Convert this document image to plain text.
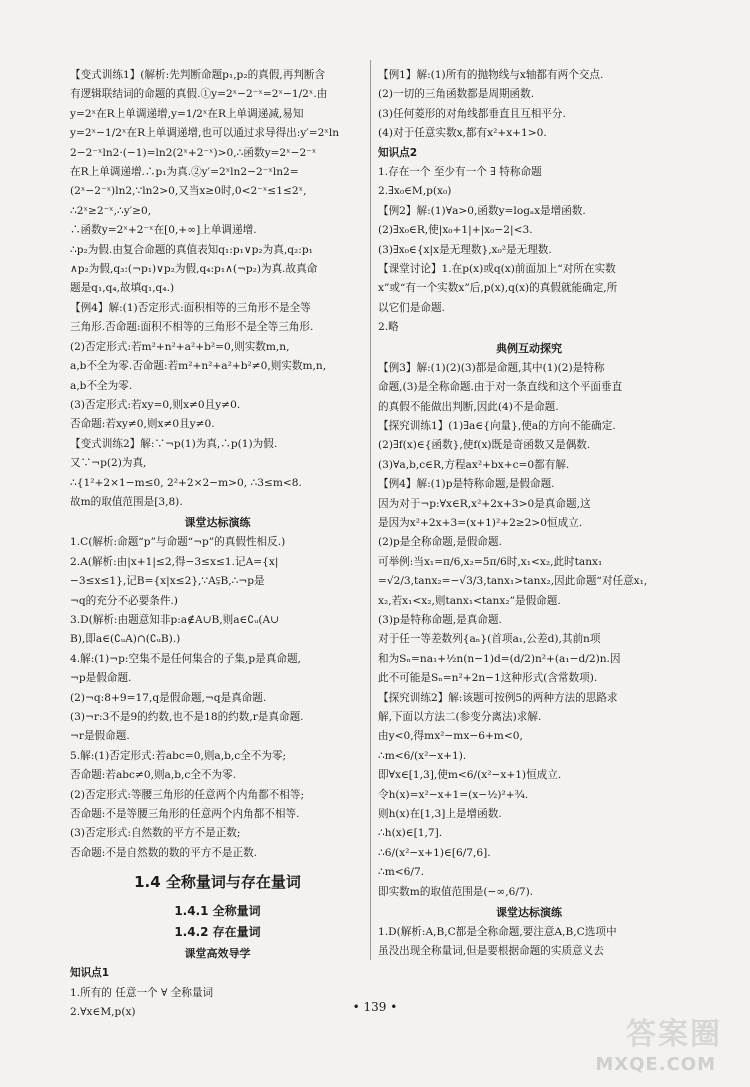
【变式训练1】(解析:先判断命题p₁,p₂的真假,再判断含
有逻辑联结词的命题的真假.①y=2ˣ−2⁻ˣ=2ˣ−1/2ˣ.由
y=2ˣ在R上单调递增,y=1/2ˣ在R上单调递减,易知
y=2ˣ−1/2ˣ在R上单调递增,也可以通过求导得出:y′=2ˣln
2−2⁻ˣln2·(−1)=ln2(2ˣ+2⁻ˣ)>0,∴函数y=2ˣ−2⁻ˣ
在R上单调递增.∴p₁为真.②y′=2ˣln2−2⁻ˣln2=
(2ˣ−2⁻ˣ)ln2,∵ln2>0,又当x≥0时,0<2⁻ˣ≤1≤2ˣ,
∴2ˣ≥2⁻ˣ,∴y′≥0,
∴函数y=2ˣ+2⁻ˣ在[0,+∞]上单调递增.
∴p₂为假.由复合命题的真值表知q₁:p₁∨p₂为真,q₂:p₁
∧p₂为假,q₃:(¬p₁)∨p₂为假,q₄:p₁∧(¬p₂)为真.故真命
题是q₁,q₄,故填q₁,q₄.)
【例4】解:(1)否定形式:面积相等的三角形不是全等
三角形.否命题:面积不相等的三角形不是全等三角形.
(2)否定形式:若m²+n²+a²+b²=0,则实数m,n,
a,b不全为零.否命题:若m²+n²+a²+b²≠0,则实数m,n,
a,b不全为零.
(3)否定形式:若xy=0,则x≠0且y≠0.
否命题:若xy≠0,则x≠0且y≠0.
【变式训练2】解:∵¬p(1)为真,∴p(1)为假.
又∵¬p(2)为真,
∴{1²+2×1−m≤0, 2²+2×2−m>0, ∴3≤m<8.
故m的取值范围是[3,8).
课堂达标演练
1.C(解析:命题“p”与命题“¬p”的真假性相反.)
2.A(解析:由|x+1|≤2,得−3≤x≤1.记A={x|
−3≤x≤1},记B={x|x≤2},∵A⫋B,∴¬p是
¬q的充分不必要条件.)
3.D(解析:由题意知非p:a∉A∪B,则a∈∁ᵤ(A∪
B),即a∈(∁ᵤA)∩(∁ᵤB).)
4.解:(1)¬p:空集不是任何集合的子集,p是真命题,
¬p是假命题.
(2)¬q:8+9=17,q是假命题,¬q是真命题.
(3)¬r:3不是9的约数,也不是18的约数,r是真命题.
¬r是假命题.
5.解:(1)否定形式:若abc=0,则a,b,c全不为零;
否命题:若abc≠0,则a,b,c全不为零.
(2)否定形式:等腰三角形的任意两个内角都不相等;
否命题:不是等腰三角形的任意两个内角都不相等.
(3)否定形式:自然数的平方不是正数;
否命题:不是自然数的数的平方不是正数.
1.4 全称量词与存在量词
1.4.1 全称量词
1.4.2 存在量词
课堂高效导学
知识点1
1.所有的 任意一个 ∀ 全称量词
2.∀x∈M,p(x)
【例1】解:(1)所有的抛物线与x轴都有两个交点.
(2)一切的三角函数都是周期函数.
(3)任何菱形的对角线都垂直且互相平分.
(4)对于任意实数x,都有x²+x+1>0.
知识点2
1.存在一个 至少有一个 ∃ 特称命题
2.∃x₀∈M,p(x₀)
【例2】解:(1)∀a>0,函数y=logₐx是增函数.
(2)∃x₀∈R,使|x₀+1|+|x₀−2|<3.
(3)∃x₀∈{x|x是无理数},x₀²是无理数.
【课堂讨论】1.在p(x)或q(x)前面加上“对所在实数
x”或“有一个实数x”后,p(x),q(x)的真假就能确定,所
以它们是命题.
2.略
典例互动探究
【例3】解:(1)(2)(3)都是命题,其中(1)(2)是特称
命题,(3)是全称命题.由于对一条直线和这个平面垂直
的真假不能做出判断,因此(4)不是命题.
【探究训练1】(1)∃a∈{向量},使a的方向不能确定.
(2)∃f(x)∈{函数},使f(x)既是奇函数又是偶数.
(3)∀a,b,c∈R,方程ax²+bx+c=0都有解.
【例4】解:(1)p是特称命题,是假命题.
因为对于¬p:∀x∈R,x²+2x+3>0是真命题,这
是因为x²+2x+3=(x+1)²+2≥2>0恒成立.
(2)p是全称命题,是假命题.
可举例:当x₁=π/6,x₂=5π/6时,x₁<x₂,此时tanx₁
=√2/3,tanx₂=−√3/3,tanx₁>tanx₂,因此命题“对任意x₁,
x₂,若x₁<x₂,则tanx₁<tanx₂”是假命题.
(3)p是特称命题,是真命题.
对于任一等差数列{aₙ}(首项a₁,公差d),其前n项
和为Sₙ=na₁+½n(n−1)d=(d/2)n²+(a₁−d/2)n.因
此不可能是Sₙ=n²+2n−1这种形式(含常数项).
【探究训练2】解:该题可按例5的两种方法的思路求
解,下面以方法二(参变分离法)求解.
由y<0,得mx²−mx−6+m<0,
∴m<6/(x²−x+1).
即∀x∈[1,3],使m<6/(x²−x+1)恒成立.
令h(x)=x²−x+1=(x−½)²+¾.
则h(x)在[1,3]上是增函数.
∴h(x)∈[1,7].
∴6/(x²−x+1)∈[6/7,6].
∴m<6/7.
即实数m的取值范围是(−∞,6/7).
课堂达标演练
1.D(解析:A,B,C都是全称命题,要注意A,B,C选项中
虽没出现全称量词,但是要根据命题的实质意义去
• 139 •
答案圈
MXQE.COM
